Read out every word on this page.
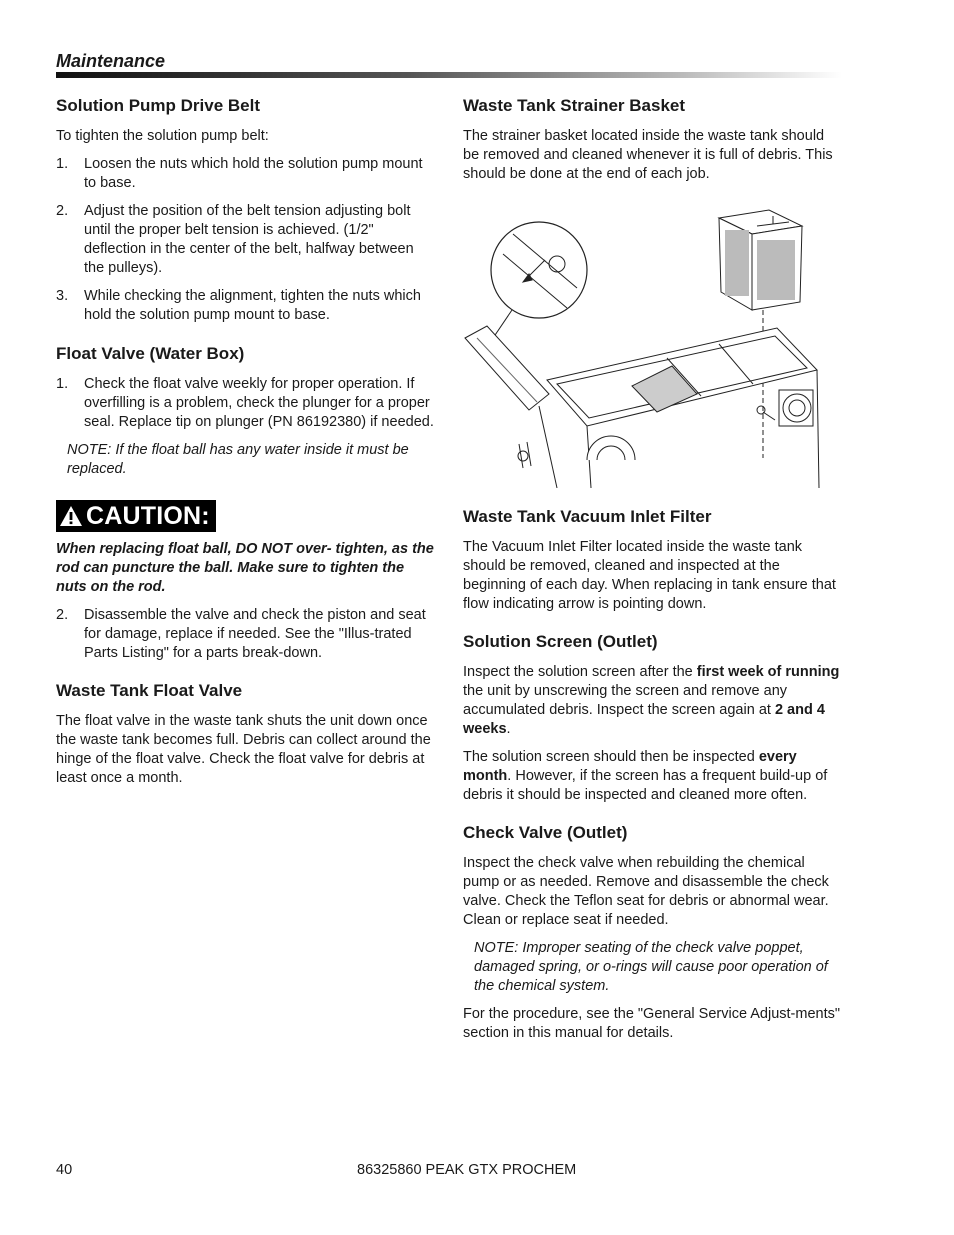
Maintenance
Solution Pump Drive Belt

To tighten the solution pump belt:

1. Loosen the nuts which hold the solution pump mount to base.
2. Adjust the position of the belt tension adjusting bolt until the proper belt tension is achieved. (1/2" deflection in the center of the belt, halfway between the pulleys).
3. While checking the alignment, tighten the nuts which hold the solution pump mount to base.
Float Valve (Water Box)
1. Check the float valve weekly for proper operation. If overfilling is a problem, check the plunger for a proper seal. Replace tip on plunger (PN 86192380) if needed.

NOTE: If the float ball has any water inside it must be replaced.

CAUTION:

When replacing float ball, DO NOT over- tighten, as the rod can puncture the ball. Make sure to tighten the nuts on the rod.

2. Disassemble the valve and check the piston and seat for damage, replace if needed. See the "Illus-trated Parts Listing" for a parts break-down.
Waste Tank Float Valve

The float valve in the waste tank shuts the unit down once the waste tank becomes full. Debris can collect around the hinge of the float valve. Check the float valve for debris at least once a month.

Waste Tank Strainer Basket

The strainer basket located inside the waste tank should be removed and cleaned whenever it is full of debris. This should be done at the end of each job.

Waste Tank Vacuum Inlet Filter

The Vacuum Inlet Filter located inside the waste tank should be removed, cleaned and inspected at the beginning of each day. When replacing in tank ensure that flow indicating arrow is pointing down.

Solution Screen (Outlet)

Inspect the solution screen after the first week of running the unit by unscrewing the screen and remove any accumulated debris. Inspect the screen again at 2 and 4 weeks.

The solution screen should then be inspected every month. However, if the screen has a frequent build-up of debris it should be inspected and cleaned more often.

Check Valve (Outlet)

Inspect the check valve when rebuilding the chemical pump or as needed. Remove and disassemble the check valve. Check the Teflon seat for debris or abnormal wear. Clean or replace seat if needed.

NOTE: Improper seating of the check valve poppet, damaged spring, or o-rings will cause poor operation of the chemical system.

For the procedure, see the "General Service Adjust-ments" section in this manual for details.

40	86325860 PEAK GTX PROCHEM
